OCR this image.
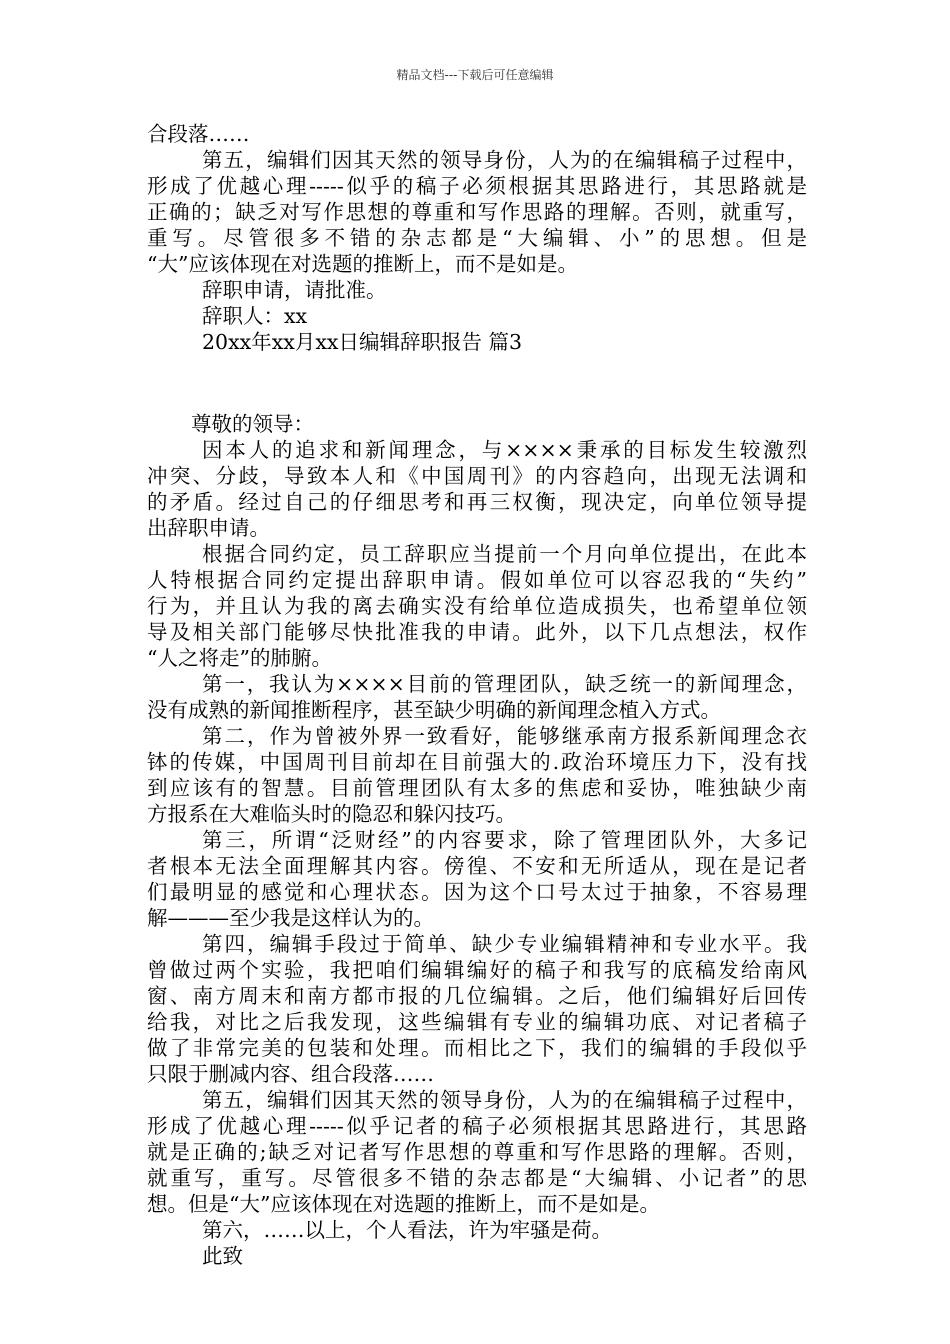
精品文档---下载后可任意编辑
合段落……
第五，编辑们因其天然的领导身份，人为的在编辑稿子过程中，
形成了优越心理-----似乎的稿子必须根据其思路进行，其思路就是
正确的；缺乏对写作思想的尊重和写作思路的理解。否则，就重写，
重写。尽管很多不错的杂志都是“大编辑、小”的思想。但是
“大”应该体现在对选题的推断上，而不是如是。
辞职申请，请批准。
辞职人：xx
20xx年xx月xx日编辑辞职报告 篇3
尊敬的领导：
因本人的追求和新闻理念，与××××秉承的目标发生较激烈
冲突、分歧，导致本人和《中国周刊》的内容趋向，出现无法调和
的矛盾。经过自己的仔细思考和再三权衡，现决定，向单位领导提
出辞职申请。
根据合同约定，员工辞职应当提前一个月向单位提出，在此本
人特根据合同约定提出辞职申请。假如单位可以容忍我的“失约”
行为，并且认为我的离去确实没有给单位造成损失，也希望单位领
导及相关部门能够尽快批准我的申请。此外，以下几点想法，权作
“人之将走”的肺腑。
第一，我认为××××目前的管理团队，缺乏统一的新闻理念，
没有成熟的新闻推断程序，甚至缺少明确的新闻理念植入方式。
第二，作为曾被外界一致看好，能够继承南方报系新闻理念衣
钵的传媒，中国周刊目前却在目前强大的.政治环境压力下，没有找
到应该有的智慧。目前管理团队有太多的焦虑和妥协，唯独缺少南
方报系在大难临头时的隐忍和躲闪技巧。
第三，所谓“泛财经”的内容要求，除了管理团队外，大多记
者根本无法全面理解其内容。傍徨、不安和无所适从，现在是记者
们最明显的感觉和心理状态。因为这个口号太过于抽象，不容易理
解———至少我是这样认为的。
第四，编辑手段过于简单、缺少专业编辑精神和专业水平。我
曾做过两个实验，我把咱们编辑编好的稿子和我写的底稿发给南风
窗、南方周末和南方都市报的几位编辑。之后，他们编辑好后回传
给我，对比之后我发现，这些编辑有专业的编辑功底、对记者稿子
做了非常完美的包装和处理。而相比之下，我们的编辑的手段似乎
只限于删减内容、组合段落……
第五，编辑们因其天然的领导身份，人为的在编辑稿子过程中，
形成了优越心理-----似乎记者的稿子必须根据其思路进行，其思路
就是正确的;缺乏对记者写作思想的尊重和写作思路的理解。否则，
就重写，重写。尽管很多不错的杂志都是“大编辑、小记者”的思
想。但是“大”应该体现在对选题的推断上，而不是如是。
第六，……以上，个人看法，许为牢骚是荷。
此致
